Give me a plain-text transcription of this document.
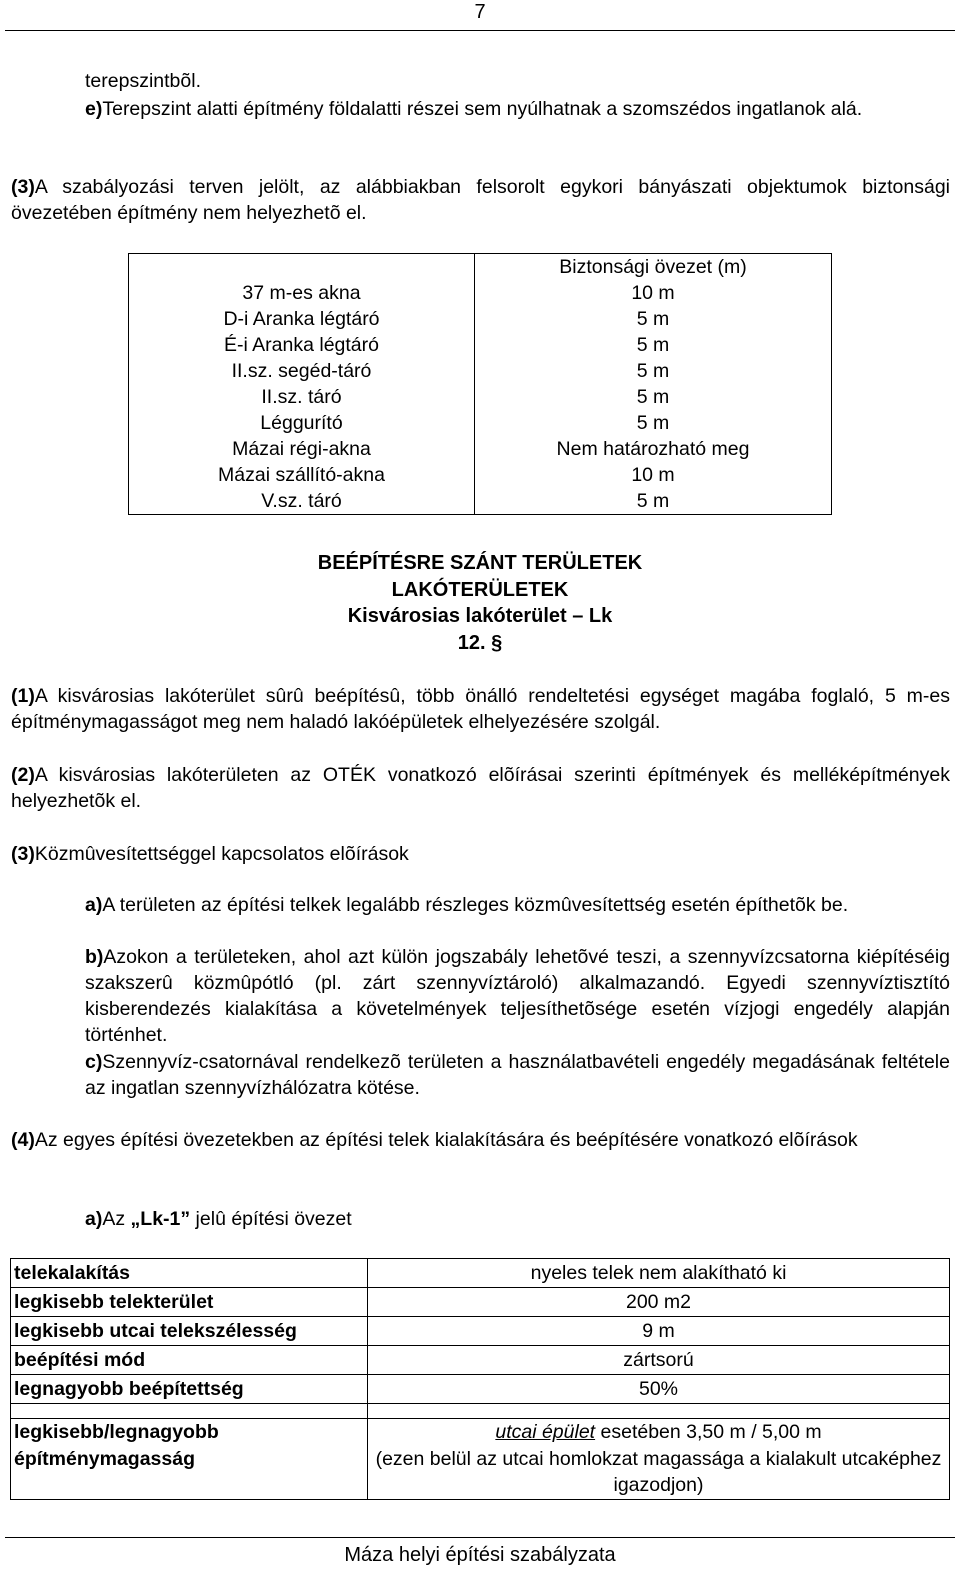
7
terepszintbõl.
e)Terepszint alatti építmény földalatti részei sem nyúlhatnak a szomszédos ingatlanok alá.
(3)A szabályozási terven jelölt, az alábbiakban felsorolt egykori bányászati objektumok biztonsági övezetében építmény nem helyezhetõ el.
	Biztonsági övezet (m)
37 m-es akna	10 m
D-i Aranka légtáró	5 m
É-i Aranka légtáró	5 m
II.sz. segéd-táró	5 m
II.sz. táró	5 m
Léggurító	5 m
Mázai régi-akna	Nem határozható meg
Mázai szállító-akna	10 m
V.sz. táró	5 m
BEÉPÍTÉSRE SZÁNT TERÜLETEK
LAKÓTERÜLETEK
Kisvárosias lakóterület – Lk
12. §
(1)A kisvárosias lakóterület sûrû beépítésû, több önálló rendeltetési egységet magába foglaló, 5 m-es építménymagasságot meg nem haladó lakóépületek elhelyezésére szolgál.
(2)A kisvárosias lakóterületen az OTÉK vonatkozó elõírásai szerinti építmények és melléképítmények helyezhetõk el.
(3)Közmûvesítettséggel kapcsolatos elõírások
a)A területen az építési telkek legalább részleges közmûvesítettség esetén építhetõk be.
b)Azokon a területeken, ahol azt külön jogszabály lehetõvé teszi, a szennyvízcsatorna kiépítéséig szakszerû közmûpótló (pl. zárt szennyvíztároló) alkalmazandó. Egyedi szennyvíztisztító kisberendezés kialakítása a követelmények teljesíthetõsége esetén vízjogi engedély alapján történhet.
c)Szennyvíz-csatornával rendelkezõ területen a használatbavételi engedély megadásának feltétele az ingatlan szennyvízhálózatra kötése.
(4)Az egyes építési övezetekben az építési telek kialakítására és beépítésére vonatkozó elõírások
a)Az „Lk-1” jelû építési övezet
telekalakítás	nyeles telek nem alakítható ki
legkisebb telekterület	200 m2
legkisebb utcai telekszélesség	9 m
beépítési mód	zártsorú
legnagyobb beépítettség	50%

legkisebb/legnagyobb építménymagasság	utcai épület esetében 3,50 m / 5,00 m
(ezen belül az utcai homlokzat magassága a kialakult utcaképhez igazodjon)
Máza helyi építési szabályzata
